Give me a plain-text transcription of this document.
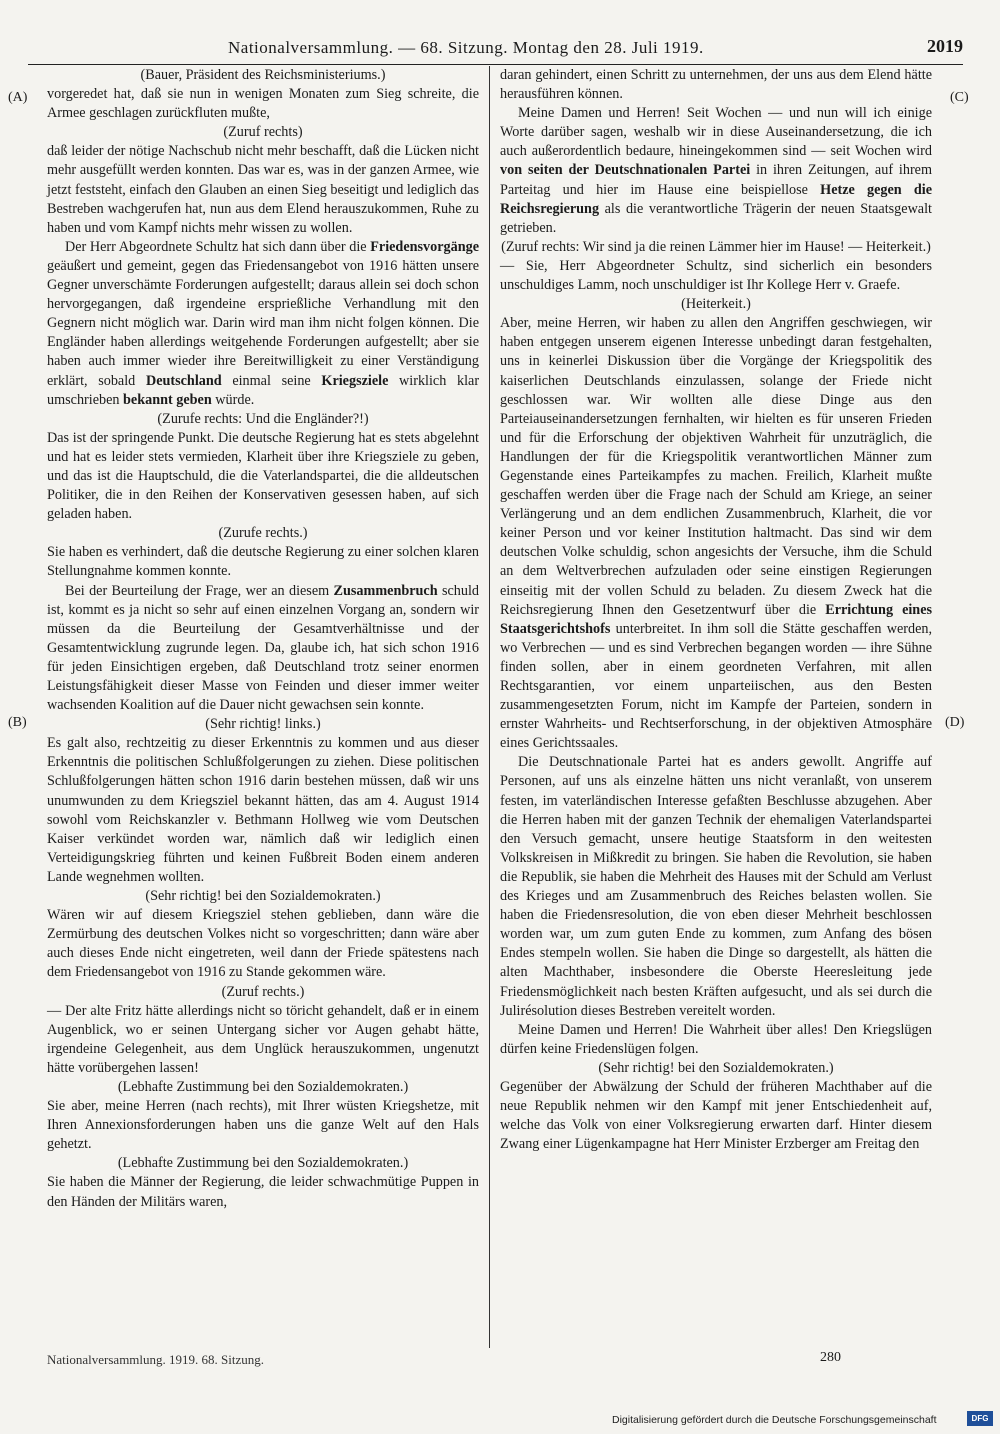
Nationalversammlung. — 68. Sitzung. Montag den 28. Juli 1919.	2019
(A)
(B)
(C)
(D)

(Bauer, Präsident des Reichsministeriums.)

vorgeredet hat, daß sie nun in wenigen Monaten zum Sieg schreite, die Armee geschlagen zurückfluten mußte,

(Zuruf rechts)

daß leider der nötige Nachschub nicht mehr beschafft, daß die Lücken nicht mehr ausgefüllt werden konnten. Das war es, was in der ganzen Armee, wie jetzt feststeht, einfach den Glauben an einen Sieg beseitigt und lediglich das Bestreben wachgerufen hat, nun aus dem Elend herauszukommen, Ruhe zu haben und vom Kampf nichts mehr wissen zu wollen.

Der Herr Abgeordnete Schultz hat sich dann über die Friedensvorgänge geäußert und gemeint, gegen das Friedensangebot von 1916 hätten unsere Gegner unverschämte Forderungen aufgestellt; daraus allein sei doch schon hervorgegangen, daß irgendeine ersprießliche Verhandlung mit den Gegnern nicht möglich war. Darin wird man ihm nicht folgen können. Die Engländer haben allerdings weitgehende Forderungen aufgestellt; aber sie haben auch immer wieder ihre Bereitwilligkeit zu einer Verständigung erklärt, sobald Deutschland einmal seine Kriegsziele wirklich klar umschrieben bekannt geben würde.

(Zurufe rechts: Und die Engländer?!)

Das ist der springende Punkt. Die deutsche Regierung hat es stets abgelehnt und hat es leider stets vermieden, Klarheit über ihre Kriegsziele zu geben, und das ist die Hauptschuld, die die Vaterlandspartei, die die alldeutschen Politiker, die in den Reihen der Konservativen gesessen haben, auf sich geladen haben.

(Zurufe rechts.)

Sie haben es verhindert, daß die deutsche Regierung zu einer solchen klaren Stellungnahme kommen konnte.

Bei der Beurteilung der Frage, wer an diesem Zusammenbruch schuld ist, kommt es ja nicht so sehr auf einen einzelnen Vorgang an, sondern wir müssen da die Beurteilung der Gesamtverhältnisse und der Gesamtentwicklung zugrunde legen. Da, glaube ich, hat sich schon 1916 für jeden Einsichtigen ergeben, daß Deutschland trotz seiner enormen Leistungsfähigkeit dieser Masse von Feinden und dieser immer weiter wachsenden Koalition auf die Dauer nicht gewachsen sein konnte.

(Sehr richtig! links.)

Es galt also, rechtzeitig zu dieser Erkenntnis zu kommen und aus dieser Erkenntnis die politischen Schlußfolgerungen zu ziehen. Diese politischen Schlußfolgerungen hätten schon 1916 darin bestehen müssen, daß wir uns unumwunden zu dem Kriegsziel bekannt hätten, das am 4. August 1914 sowohl vom Reichskanzler v. Bethmann Hollweg wie vom Deutschen Kaiser verkündet worden war, nämlich daß wir lediglich einen Verteidigungskrieg führten und keinen Fußbreit Boden einem anderen Lande wegnehmen wollten.

(Sehr richtig! bei den Sozialdemokraten.)

Wären wir auf diesem Kriegsziel stehen geblieben, dann wäre die Zermürbung des deutschen Volkes nicht so vorgeschritten; dann wäre aber auch dieses Ende nicht eingetreten, weil dann der Friede spätestens nach dem Friedensangebot von 1916 zu Stande gekommen wäre.

(Zuruf rechts.)

— Der alte Fritz hätte allerdings nicht so töricht gehandelt, daß er in einem Augenblick, wo er seinen Untergang sicher vor Augen gehabt hätte, irgendeine Gelegenheit, aus dem Unglück herauszukommen, ungenutzt hätte vorübergehen lassen!

(Lebhafte Zustimmung bei den Sozialdemokraten.)

Sie aber, meine Herren (nach rechts), mit Ihrer wüsten Kriegshetze, mit Ihren Annexionsforderungen haben uns die ganze Welt auf den Hals gehetzt.

(Lebhafte Zustimmung bei den Sozialdemokraten.)

Sie haben die Männer der Regierung, die leider schwachmütige Puppen in den Händen der Militärs waren,

daran gehindert, einen Schritt zu unternehmen, der uns aus dem Elend hätte herausführen können.

Meine Damen und Herren! Seit Wochen — und nun will ich einige Worte darüber sagen, weshalb wir in diese Auseinandersetzung, die ich auch außerordentlich bedaure, hineingekommen sind — seit Wochen wird von seiten der Deutschnationalen Partei in ihren Zeitungen, auf ihrem Parteitag und hier im Hause eine beispiellose Hetze gegen die Reichsregierung als die verantwortliche Trägerin der neuen Staatsgewalt getrieben.

(Zuruf rechts: Wir sind ja die reinen Lämmer hier im Hause! — Heiterkeit.)

— Sie, Herr Abgeordneter Schultz, sind sicherlich ein besonders unschuldiges Lamm, noch unschuldiger ist Ihr Kollege Herr v. Graefe.

(Heiterkeit.)

Aber, meine Herren, wir haben zu allen den Angriffen geschwiegen, wir haben entgegen unserem eigenen Interesse unbedingt daran festgehalten, uns in keinerlei Diskussion über die Vorgänge der Kriegspolitik des kaiserlichen Deutschlands einzulassen, solange der Friede nicht geschlossen war. Wir wollten alle diese Dinge aus den Parteiauseinandersetzungen fernhalten, wir hielten es für unseren Frieden und für die Erforschung der objektiven Wahrheit für unzuträglich, die Handlungen der für die Kriegspolitik verantwortlichen Männer zum Gegenstande eines Parteikampfes zu machen. Freilich, Klarheit mußte geschaffen werden über die Frage nach der Schuld am Kriege, an seiner Verlängerung und an dem endlichen Zusammenbruch, Klarheit, die vor keiner Person und vor keiner Institution haltmacht. Das sind wir dem deutschen Volke schuldig, schon angesichts der Versuche, ihm die Schuld an dem Weltverbrechen aufzuladen oder seine einstigen Regierungen einseitig mit der vollen Schuld zu beladen. Zu diesem Zweck hat die Reichsregierung Ihnen den Gesetzentwurf über die Errichtung eines Staatsgerichtshofs unterbreitet. In ihm soll die Stätte geschaffen werden, wo Verbrechen — und es sind Verbrechen begangen worden — ihre Sühne finden sollen, aber in einem geordneten Verfahren, mit allen Rechtsgarantien, vor einem unparteiischen, aus den Besten zusammengesetzten Forum, nicht im Kampfe der Parteien, sondern in ernster Wahrheits- und Rechtserforschung, in der objektiven Atmosphäre eines Gerichtssaales.

Die Deutschnationale Partei hat es anders gewollt. Angriffe auf Personen, auf uns als einzelne hätten uns nicht veranlaßt, von unserem festen, im vaterländischen Interesse gefaßten Beschlusse abzugehen. Aber die Herren haben mit der ganzen Technik der ehemaligen Vaterlandspartei den Versuch gemacht, unsere heutige Staatsform in den weitesten Volkskreisen in Mißkredit zu bringen. Sie haben die Revolution, sie haben die Republik, sie haben die Mehrheit des Hauses mit der Schuld am Verlust des Krieges und am Zusammenbruch des Reiches belasten wollen. Sie haben die Friedensresolution, die von eben dieser Mehrheit beschlossen worden war, um zum guten Ende zu kommen, zum Anfang des bösen Endes stempeln wollen. Sie haben die Dinge so dargestellt, als hätten die alten Machthaber, insbesondere die Oberste Heeresleitung jede Friedensmöglichkeit nach besten Kräften aufgesucht, und als sei durch die Julirésolution dieses Bestreben vereitelt worden.

Meine Damen und Herren! Die Wahrheit über alles! Den Kriegslügen dürfen keine Friedenslügen folgen.

(Sehr richtig! bei den Sozialdemokraten.)

Gegenüber der Abwälzung der Schuld der früheren Machthaber auf die neue Republik nehmen wir den Kampf mit jener Entschiedenheit auf, welche das Volk von einer Volksregierung erwarten darf. Hinter diesem Zwang einer Lügenkampagne hat Herr Minister Erzberger am Freitag den

Nationalversammlung. 1919. 68. Sitzung.	280
Digitalisierung gefördert durch die Deutsche Forschungsgemeinschaft	DFG
